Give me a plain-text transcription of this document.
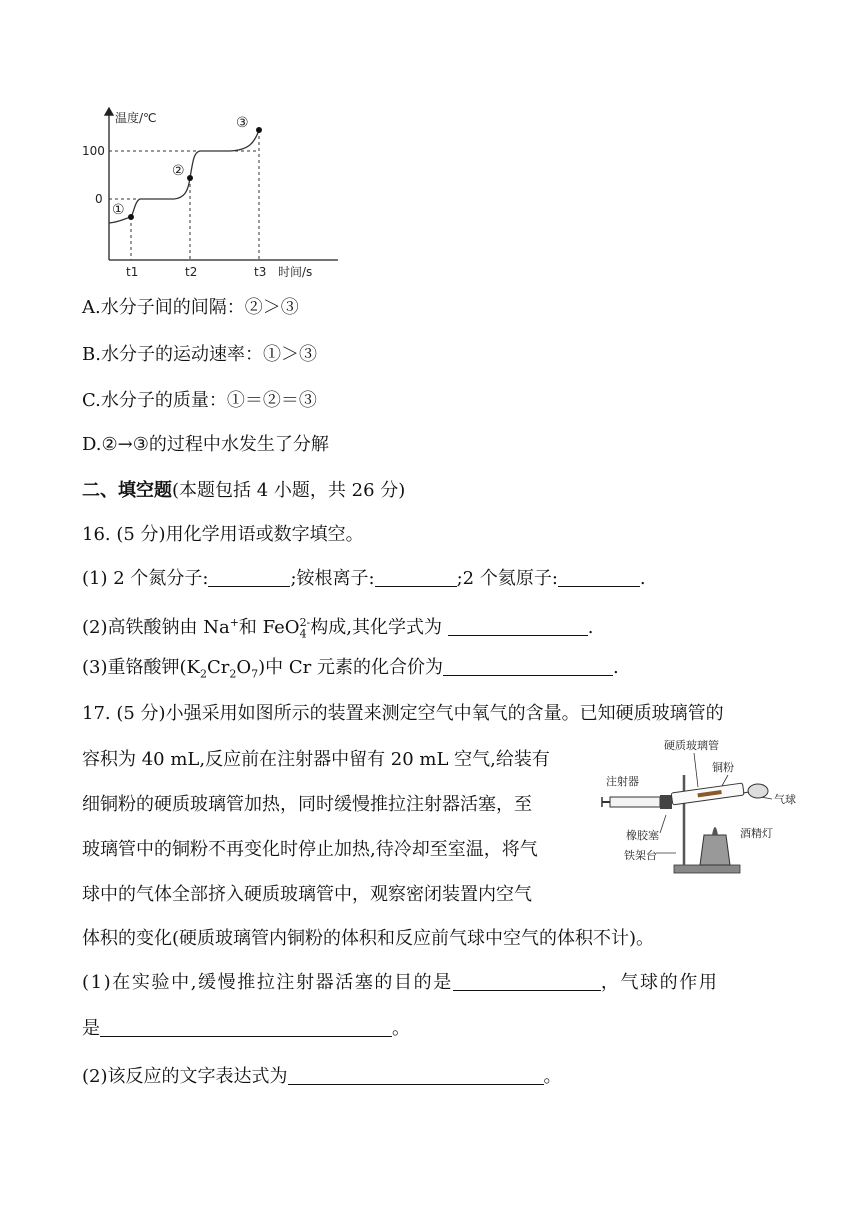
温度/℃
时间/s
100
0
①
②
③
t1	t2	t3
A.水分子间的间隔：②＞③
B.水分子的运动速率：①＞③
C.水分子的质量：①＝②＝③
D.②→③的过程中水发生了分解
二、填空题(本题包括 4 小题，共 26 分)
16. (5 分)用化学用语或数字填空。
(1) 2 个氮分子:	;铵根离子:	;2 个氦原子:	.
(2)高铁酸钠由 Na+和 FeO$_4^{2-}$构成,其化学式为	.
(3)重铬酸钾$(K_2Cr_2O_7)$中 Cr 元素的化合价为	.
17. (5 分)小强采用如图所示的装置来测定空气中氧气的含量。已知硬质玻璃管的
容积为 40 mL,反应前在注射器中留有 20 mL 空气,给装有
细铜粉的硬质玻璃管加热，同时缓慢推拉注射器活塞，至
玻璃管中的铜粉不再变化时停止加热,待冷却至室温，将气
球中的气体全部挤入硬质玻璃管中，观察密闭装置内空气
体积的变化(硬质玻璃管内铜粉的体积和反应前气球中空气的体积不计)。
硬质玻璃管
注射器
铜粉
气球
橡胶塞
铁架台
酒精灯
(1)在实验中,缓慢推拉注射器活塞的目的是	，气球的作用
是	。
(2)该反应的文字表达式为	。
